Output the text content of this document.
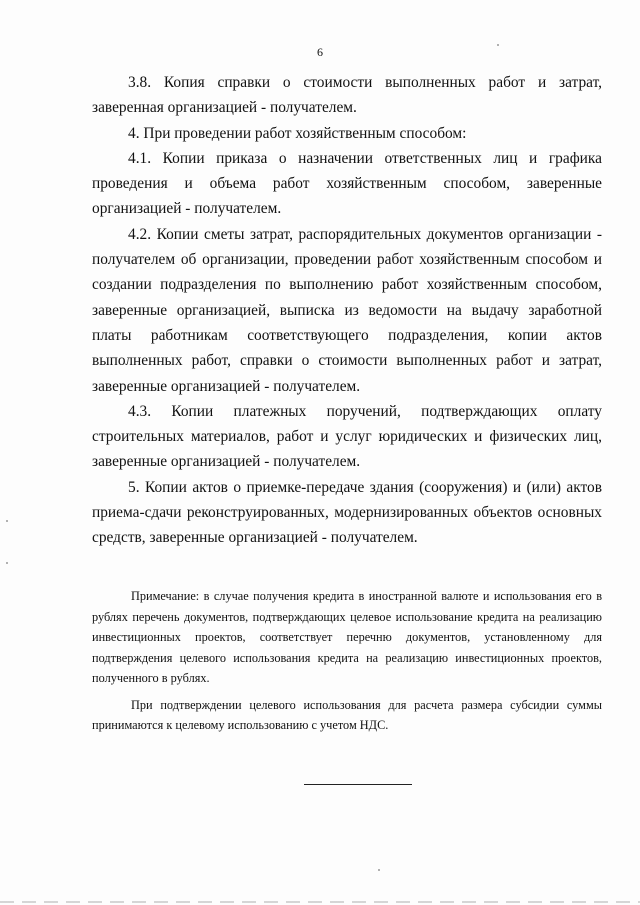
6

3.8. Копия справки о стоимости выполненных работ и затрат, заверенная организацией - получателем.

4. При проведении работ хозяйственным способом:

4.1. Копии приказа о назначении ответственных лиц и графика проведения и объема работ хозяйственным способом, заверенные организацией - получателем.

4.2. Копии сметы затрат, распорядительных документов организации - получателем об организации, проведении работ хозяйственным способом и создании подразделения по выполнению работ хозяйственным способом, заверенные организацией, выписка из ведомости на выдачу заработной платы работникам соответствующего подразделения, копии актов выполненных работ, справки о стоимости выполненных работ и затрат, заверенные организацией - получателем.

4.3. Копии платежных поручений, подтверждающих оплату строительных материалов, работ и услуг юридических и физических лиц, заверенные организацией - получателем.

5. Копии актов о приемке-передаче здания (сооружения) и (или) актов приема-сдачи реконструированных, модернизированных объектов основных средств, заверенные организацией - получателем.

Примечание: в случае получения кредита в иностранной валюте и использования его в рублях перечень документов, подтверждающих целевое использование кредита на реализацию инвестиционных проектов, соответствует перечню документов, установленному для подтверждения целевого использования кредита на реализацию инвестиционных проектов, полученного в рублях.

При подтверждении целевого использования для расчета размера субсидии суммы принимаются к целевому использованию с учетом НДС.
